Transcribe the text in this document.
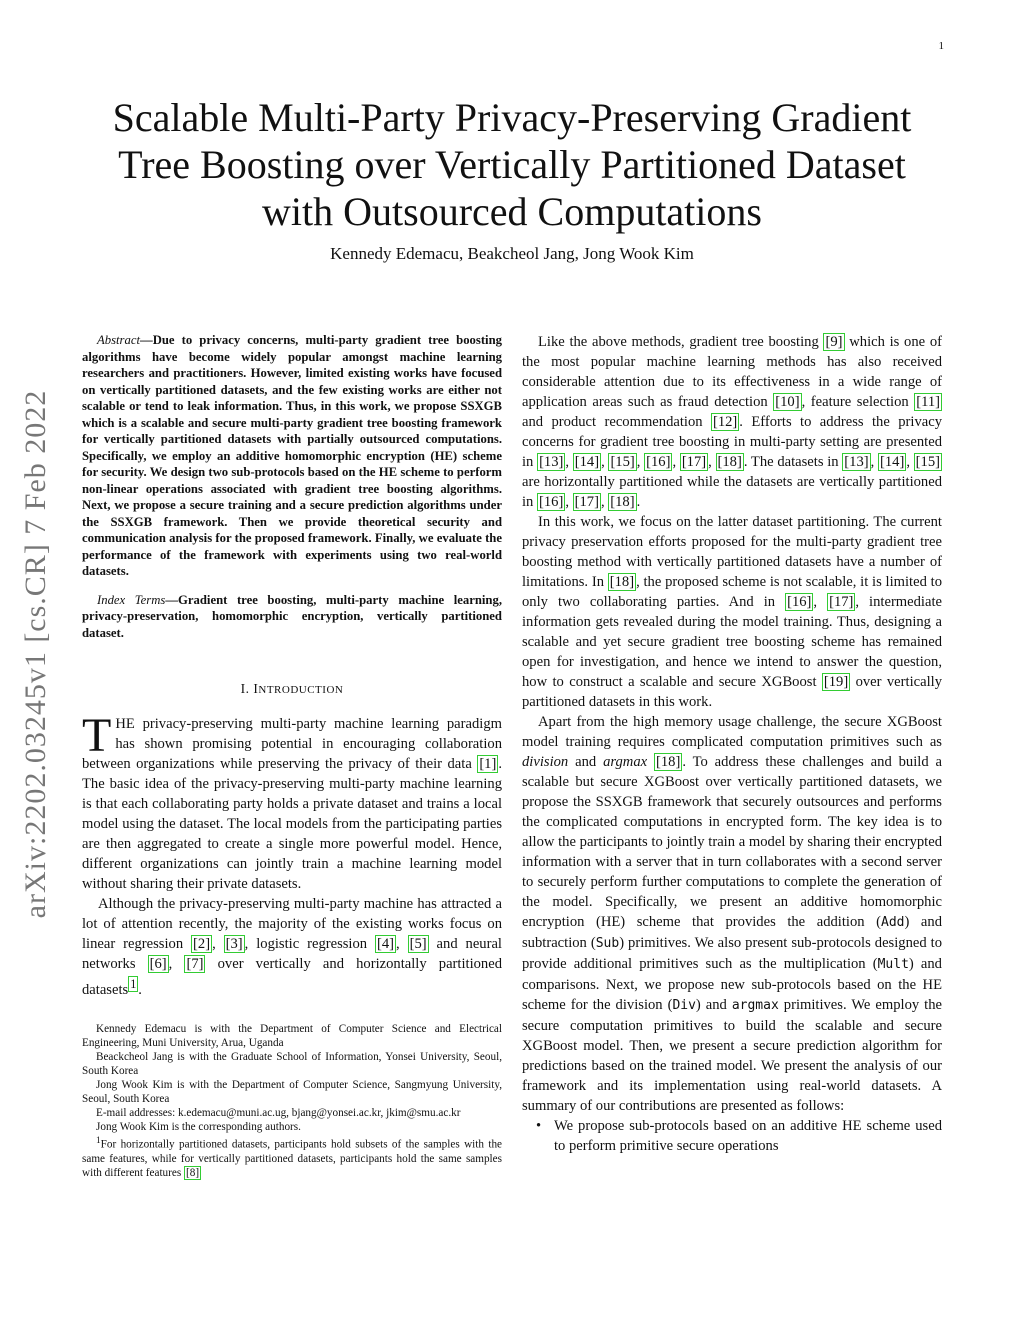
1
arXiv:2202.03245v1 [cs.CR] 7 Feb 2022
Scalable Multi-Party Privacy-Preserving Gradient Tree Boosting over Vertically Partitioned Dataset with Outsourced Computations
Kennedy Edemacu, Beakcheol Jang, Jong Wook Kim

Abstract—Due to privacy concerns, multi-party gradient tree boosting algorithms have become widely popular amongst machine learning researchers and practitioners. However, limited existing works have focused on vertically partitioned datasets, and the few existing works are either not scalable or tend to leak information. Thus, in this work, we propose SSXGB which is a scalable and secure multi-party gradient tree boosting framework for vertically partitioned datasets with partially outsourced computations. Specifically, we employ an additive homomorphic encryption (HE) scheme for security. We design two sub-protocols based on the HE scheme to perform non-linear operations associated with gradient tree boosting algorithms. Next, we propose a secure training and a secure prediction algorithms under the SSXGB framework. Then we provide theoretical security and communication analysis for the proposed framework. Finally, we evaluate the performance of the framework with experiments using two real-world datasets.

Index Terms—Gradient tree boosting, multi-party machine learning, privacy-preservation, homomorphic encryption, vertically partitioned dataset.

I. INTRODUCTION

THE privacy-preserving multi-party machine learning paradigm has shown promising potential in encouraging collaboration between organizations while preserving the privacy of their data [1] . The basic idea of the privacy-preserving multi-party machine learning is that each collaborating party holds a private dataset and trains a local model using the dataset. The local models from the participating parties are then aggregated to create a single more powerful model. Hence, different organizations can jointly train a machine learning model without sharing their private datasets.

Although the privacy-preserving multi-party machine has attracted a lot of attention recently, the majority of the existing works focus on linear regression [2] , [3] , logistic regression [4] , [5] and neural networks [6] , [7] over vertically and horizontally partitioned datasets $^1$ .

Kennedy Edemacu is with the Department of Computer Science and Electrical Engineering, Muni University, Arua, Uganda

Beackcheol Jang is with the Graduate School of Information, Yonsei University, Seoul, South Korea

Jong Wook Kim is with the Department of Computer Science, Sangmyung University, Seoul, South Korea

E-mail addresses: k.edemacu@muni.ac.ug, bjang@yonsei.ac.kr, jkim@smu.ac.kr

Jong Wook Kim is the corresponding authors.

$^1$For horizontally partitioned datasets, participants hold subsets of the samples with the same features, while for vertically partitioned datasets, participants hold the same samples with different features [8]

Like the above methods, gradient tree boosting [9] which is one of the most popular machine learning methods has also received considerable attention due to its effectiveness in a wide range of application areas such as fraud detection [10] , feature selection [11] and product recommendation [12] . Efforts to address the privacy concerns for gradient tree boosting in multi-party setting are presented in [13] , [14] , [15] , [16] , [17] , [18] . The datasets in [13] , [14] , [15] are horizontally partitioned while the datasets are vertically partitioned in [16] , [17] , [18] .

In this work, we focus on the latter dataset partitioning. The current privacy preservation efforts proposed for the multi-party gradient tree boosting method with vertically partitioned datasets have a number of limitations. In [18] , the proposed scheme is not scalable, it is limited to only two collaborating parties. And in [16] , [17] , intermediate information gets revealed during the model training. Thus, designing a scalable and yet secure gradient tree boosting scheme has remained open for investigation, and hence we intend to answer the question, how to construct a scalable and secure XGBoost [19] over vertically partitioned datasets in this work.

Apart from the high memory usage challenge, the secure XGBoost model training requires complicated computation primitives such as division and argmax [18] . To address these challenges and build a scalable but secure XGBoost over vertically partitioned datasets, we propose the SSXGB framework that securely outsources and performs the complicated computations in encrypted form. The key idea is to allow the participants to jointly train a model by sharing their encrypted information with a server that in turn collaborates with a second server to securely perform further computations to complete the generation of the model. Specifically, we present an additive homomorphic encryption (HE) scheme that provides the addition (Add) and subtraction (Sub) primitives. We also present sub-protocols designed to provide additional primitives such as the multiplication (Mult) and comparisons. Next, we propose new sub-protocols based on the HE scheme for the division (Div) and argmax primitives. We employ the secure computation primitives to build the scalable and secure XGBoost model. Then, we present a secure prediction algorithm for predictions based on the trained model. We present the analysis of our framework and its implementation using real-world datasets. A summary of our contributions are presented as follows:

• We propose sub-protocols based on an additive HE scheme used to perform primitive secure operations
